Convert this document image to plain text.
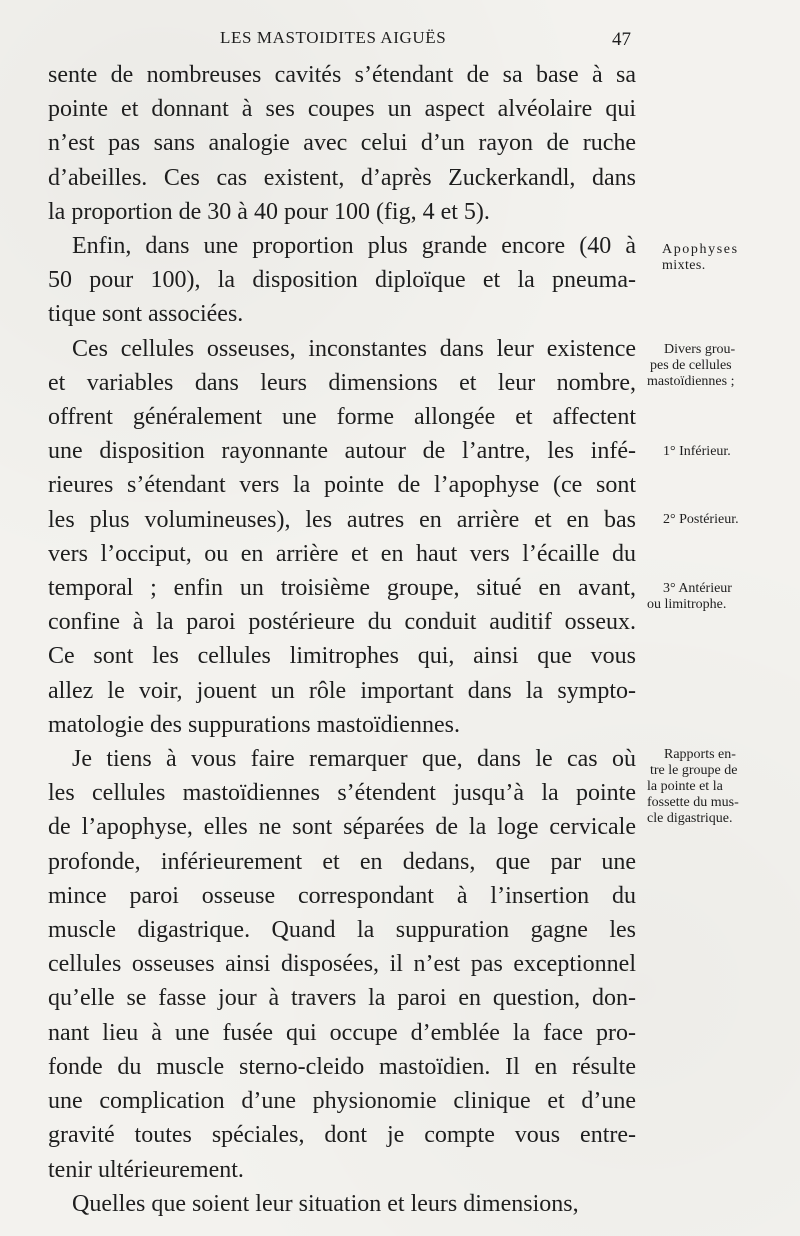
LES MASTOIDITES AIGUËS	47
sente de nombreuses cavités s’étendant de sa base à sa
pointe et donnant à ses coupes un aspect alvéolaire qui
n’est pas sans analogie avec celui d’un rayon de ruche
d’abeilles. Ces cas existent, d’après Zuckerkandl, dans
la proportion de 30 à 40 pour 100 (fig, 4 et 5).
Enfin, dans une proportion plus grande encore (40 à
50 pour 100), la disposition diploïque et la pneuma-
tique sont associées.
Ces cellules osseuses, inconstantes dans leur existence
et variables dans leurs dimensions et leur nombre,
offrent généralement une forme allongée et affectent
une disposition rayonnante autour de l’antre, les infé-
rieures s’étendant vers la pointe de l’apophyse (ce sont
les plus volumineuses), les autres en arrière et en bas
vers l’occiput, ou en arrière et en haut vers l’écaille du
temporal ; enfin un troisième groupe, situé en avant,
confine à la paroi postérieure du conduit auditif osseux.
Ce sont les cellules limitrophes qui, ainsi que vous
allez le voir, jouent un rôle important dans la sympto-
matologie des suppurations mastoïdiennes.
Je tiens à vous faire remarquer que, dans le cas où
les cellules mastoïdiennes s’étendent jusqu’à la pointe
de l’apophyse, elles ne sont séparées de la loge cervicale
profonde, inférieurement et en dedans, que par une
mince paroi osseuse correspondant à l’insertion du
muscle digastrique. Quand la suppuration gagne les
cellules osseuses ainsi disposées, il n’est pas exceptionnel
qu’elle se fasse jour à travers la paroi en question, don-
nant lieu à une fusée qui occupe d’emblée la face pro-
fonde du muscle sterno-cleido mastoïdien. Il en résulte
une complication d’une physionomie clinique et d’une
gravité toutes spéciales, dont je compte vous entre-
tenir ultérieurement.
Quelles que soient leur situation et leurs dimensions,
Apophyses
mixtes.
Divers grou-
pes de cellules
mastoïdiennes ;
1° Inférieur.
2° Postérieur.
3° Antérieur
ou limitrophe.
Rapports en-
tre le groupe de
la pointe et la
fossette du mus-
cle digastrique.
